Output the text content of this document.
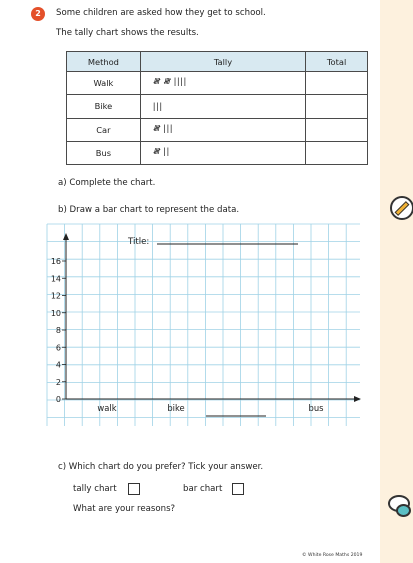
2	Some children are asked how they get to school.
The tally chart shows the results.
Method	Tally	Total
Walk	𝍸 𝍸 ||||	
Bike	|||	
Car	𝍸 |||	
Bus	𝍸 ||	
a) Complete the chart.
b) Draw a bar chart to represent the data.
0
2
4
6
8
10
12
14
16
walk	bike	bus
Title:
c) Which chart do you prefer? Tick your answer.
tally chart	bar chart
What are your reasons?
© White Rose Maths 2019
